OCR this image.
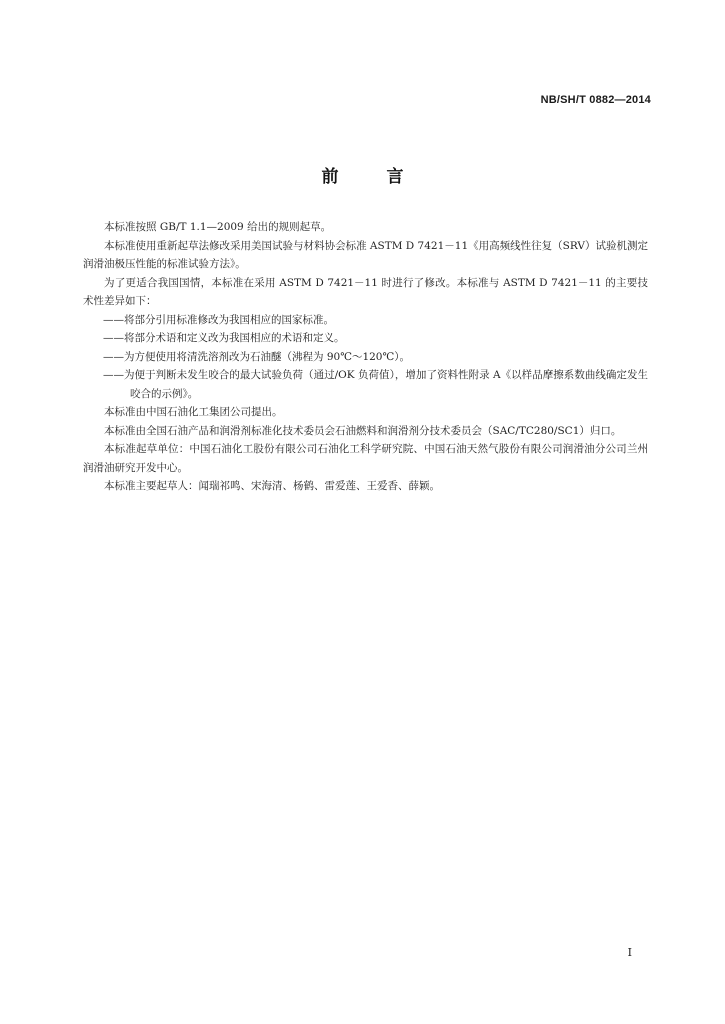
NB/SH/T 0882—2014
前	言

本标准按照 GB/T 1.1—2009 给出的规则起草。

本标准使用重新起草法修改采用美国试验与材料协会标准 ASTM D 7421－11《用高频线性往复（SRV）试验机测定润滑油极压性能的标准试验方法》。

为了更适合我国国情，本标准在采用 ASTM D 7421－11 时进行了修改。本标准与 ASTM D 7421－11 的主要技术性差异如下：

——将部分引用标准修改为我国相应的国家标准。

——将部分术语和定义改为我国相应的术语和定义。

——为方便使用将清洗溶剂改为石油醚（沸程为 90℃～120℃）。

——为便于判断未发生咬合的最大试验负荷（通过/OK 负荷值），增加了资料性附录 A《以样品摩擦系数曲线确定发生咬合的示例》。

本标准由中国石油化工集团公司提出。

本标准由全国石油产品和润滑剂标准化技术委员会石油燃料和润滑剂分技术委员会（SAC/TC280/SC1）归口。

本标准起草单位：中国石油化工股份有限公司石油化工科学研究院、中国石油天然气股份有限公司润滑油分公司兰州润滑油研究开发中心。

本标准主要起草人：闻瑞祁鸣、宋海清、杨鹤、雷爱莲、王爱香、薛颖。

I
